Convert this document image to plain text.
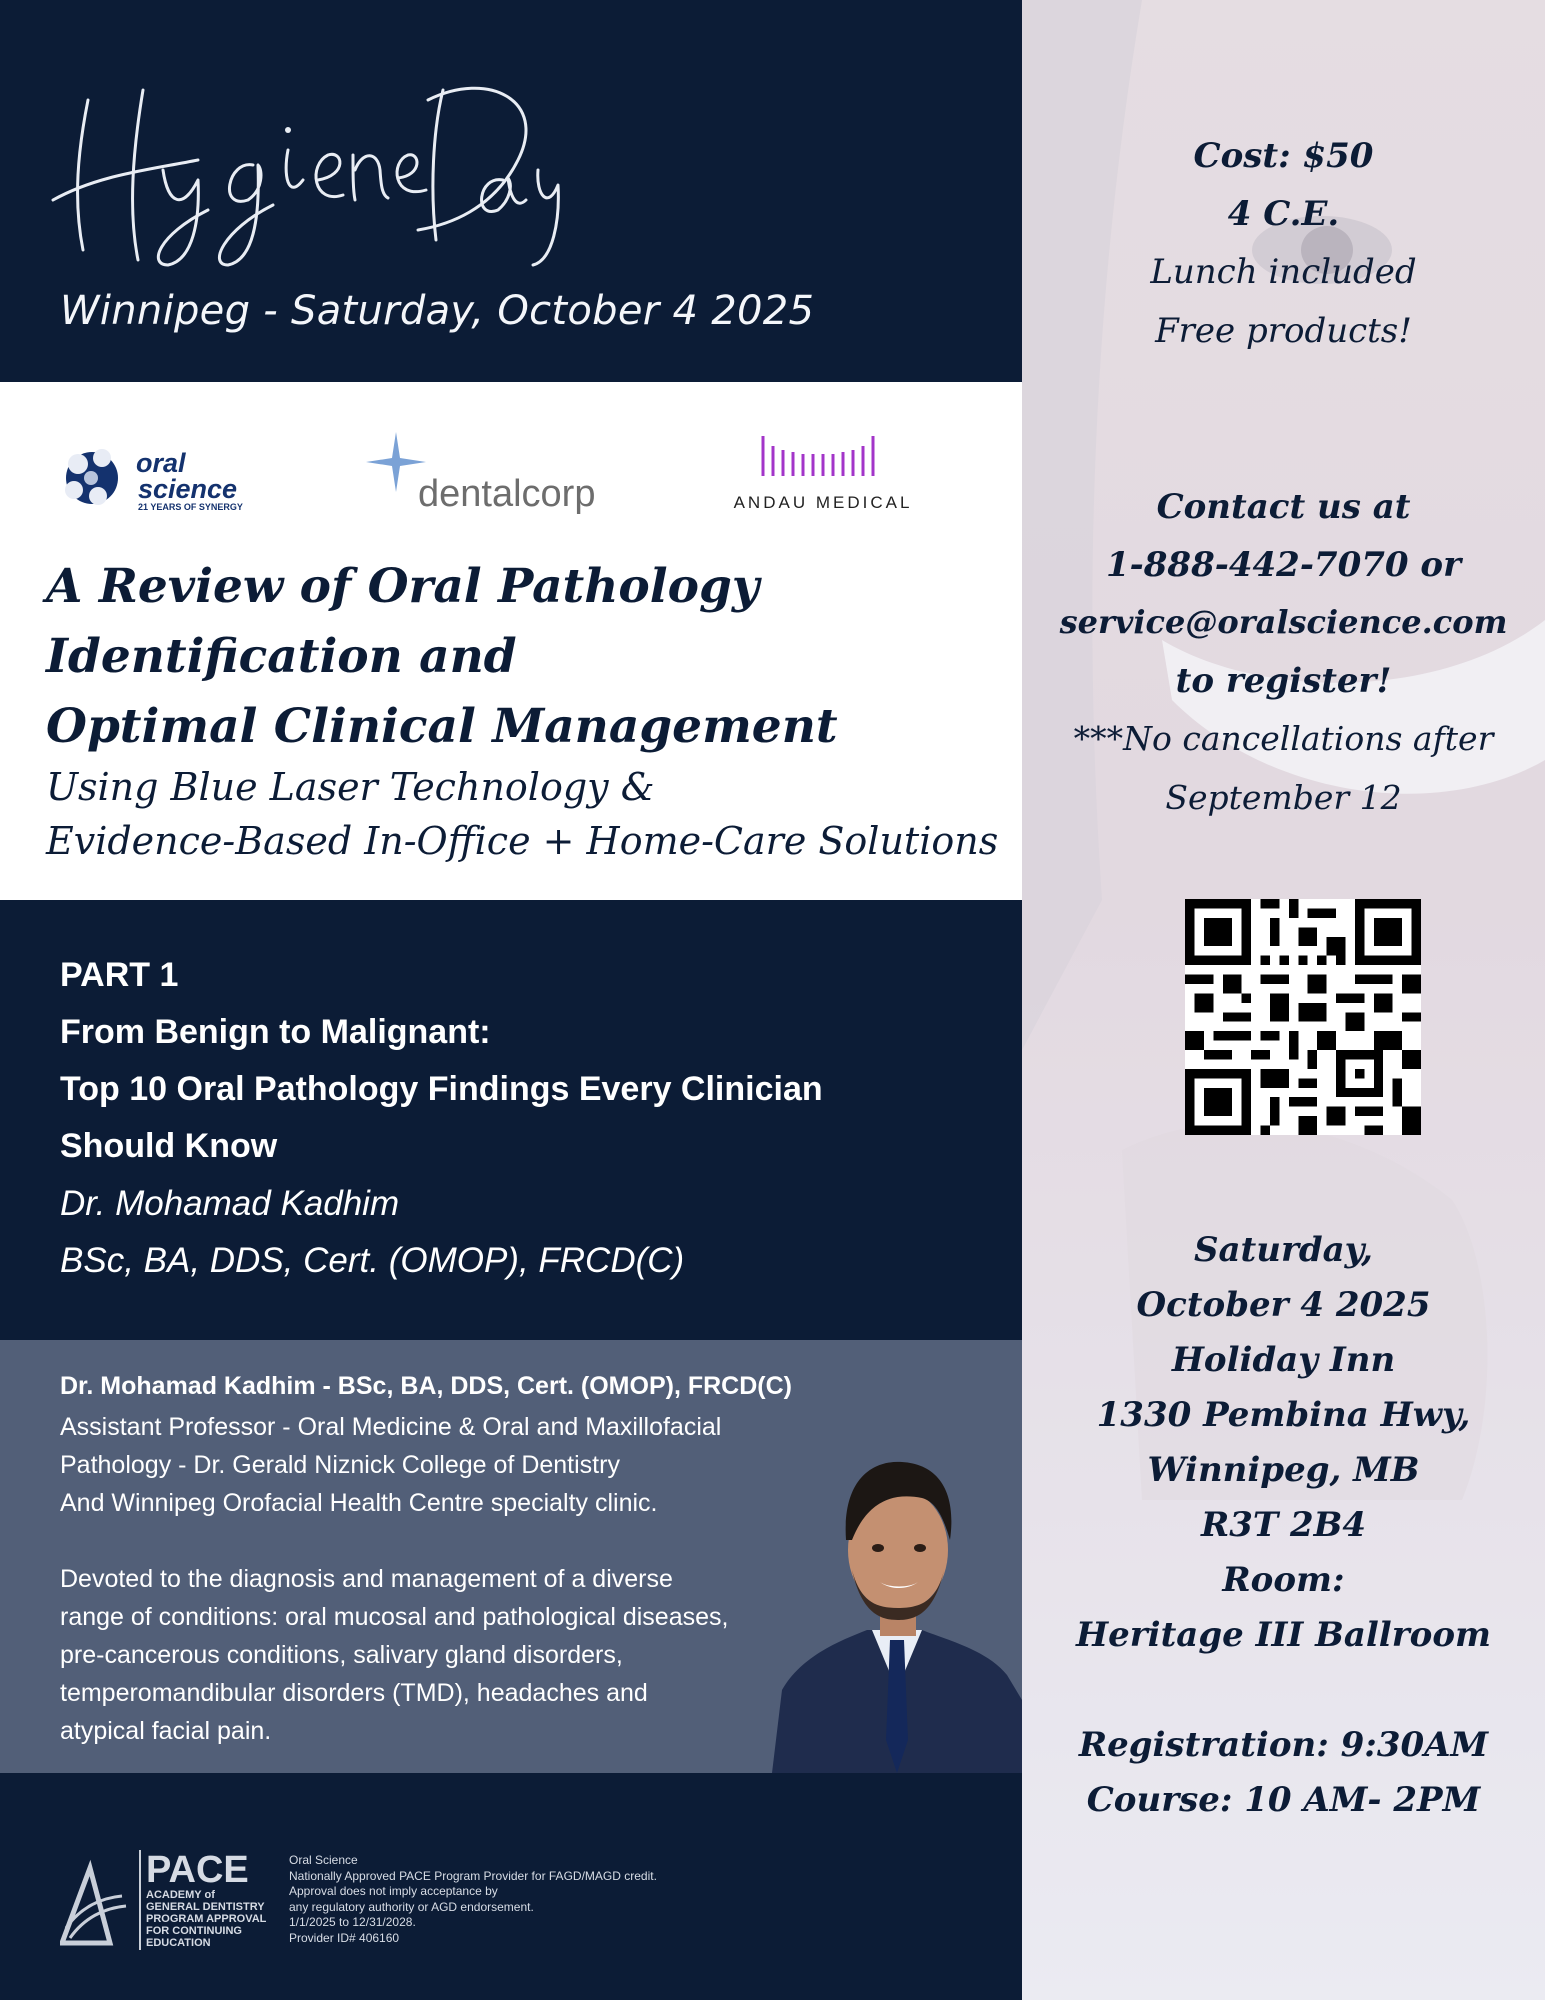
Hygiene Day
Winnipeg - Saturday, October 4 2025
oral
science
21 YEARS OF SYNERGY	dentalcorp	ANDAU MEDICAL
A Review of Oral Pathology
Identification and
Optimal Clinical Management
Using Blue Laser Technology &
Evidence-Based In-Office + Home-Care Solutions
PART 1
From Benign to Malignant:
Top 10 Oral Pathology Findings Every Clinician
Should Know
Dr. Mohamad Kadhim
BSc, BA, DDS, Cert. (OMOP), FRCD(C)
Dr. Mohamad Kadhim - BSc, BA, DDS, Cert. (OMOP), FRCD(C)
Assistant Professor - Oral Medicine & Oral and Maxillofacial
Pathology - Dr. Gerald Niznick College of Dentistry
And Winnipeg Orofacial Health Centre specialty clinic.
Devoted to the diagnosis and management of a diverse
range of conditions: oral mucosal and pathological diseases,
pre-cancerous conditions, salivary gland disorders,
temperomandibular disorders (TMD), headaches and
atypical facial pain.
PACE
ACADEMY of
GENERAL DENTISTRY
PROGRAM APPROVAL
FOR CONTINUING
EDUCATION
Oral Science
Nationally Approved PACE Program Provider for FAGD/MAGD credit.
Approval does not imply acceptance by
any regulatory authority or AGD endorsement.
1/1/2025 to 12/31/2028.
Provider ID# 406160
Cost: $50
4 C.E.
Lunch included
Free products!
Contact us at
1-888-442-7070 or
service@oralscience.com
to register!
***No cancellations after
September 12
Saturday,
October 4 2025
Holiday Inn
1330 Pembina Hwy,
Winnipeg, MB
R3T 2B4
Room:
Heritage III Ballroom
Registration: 9:30AM
Course: 10 AM- 2PM
